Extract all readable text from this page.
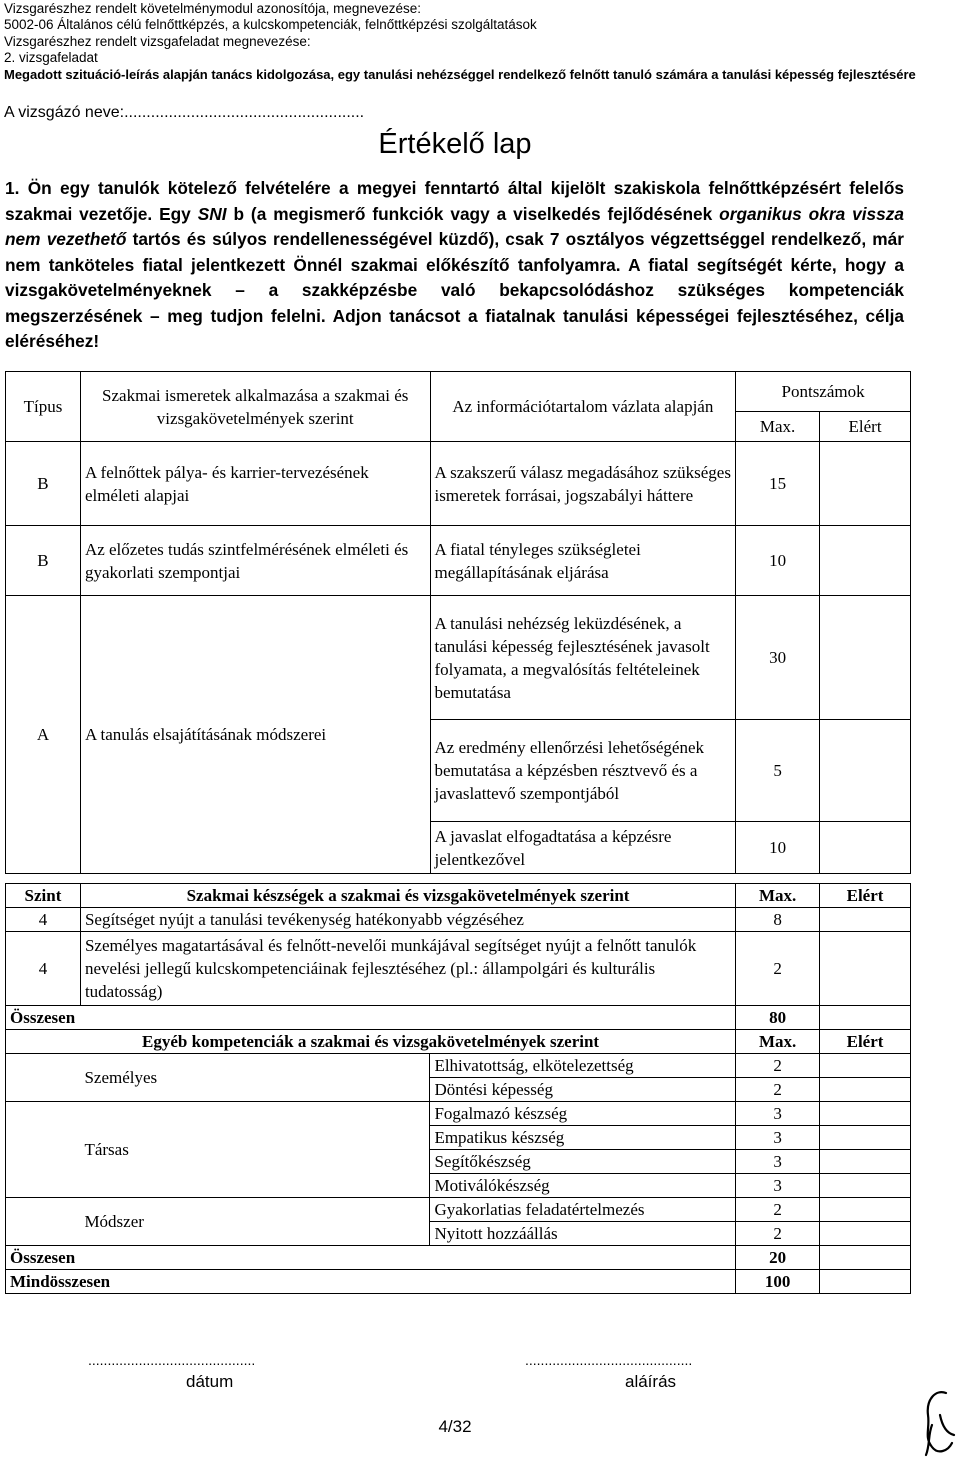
Vizsgarészhez rendelt követelménymodul azonosítója, megnevezése:
5002-06 Általános célú felnőttképzés, a kulcskompetenciák, felnőttképzési szolgáltatások
Vizsgarészhez rendelt vizsgafeladat megnevezése:
2. vizsgafeladat
Megadott szituáció-leírás alapján tanács kidolgozása, egy tanulási nehézséggel rendelkező felnőtt tanuló számára a tanulási képesség fejlesztésére
A vizsgázó neve:......................................................
Értékelő lap
1. Ön egy tanulók kötelező felvételére a megyei fenntartó által kijelölt szakiskola felnőttképzésért felelős szakmai vezetője. Egy SNI b (a megismerő funkciók vagy a viselkedés fejlődésének organikus okra vissza nem vezethető tartós és súlyos rendellenességével küzdő), csak 7 osztályos végzettséggel rendelkező, már nem tanköteles fiatal jelentkezett Önnél szakmai előkészítő tanfolyamra. A fiatal segítségét kérte, hogy a vizsgakövetelményeknek – a szakképzésbe való bekapcsolódáshoz szükséges kompetenciák megszerzésének – meg tudjon felelni. Adjon tanácsot a fiatalnak tanulási képességei fejlesztéséhez, célja eléréséhez!
Típus	Szakmai ismeretek alkalmazása a szakmai és vizsgakövetelmények szerint	Az információtartalom vázlata alapján	Pontszámok	
			Max.	Elért
B	A felnőttek pálya- és karrier-tervezésének elméleti alapjai	A szakszerű válasz megadásához szükséges ismeretek forrásai, jogszabályi háttere	15	
B	Az előzetes tudás szintfelmérésének elméleti és gyakorlati szempontjai	A fiatal tényleges szükségletei megállapításának eljárása	10	
A	A tanulás elsajátításának módszerei	A tanulási nehézség leküzdésének, a tanulási képesség fejlesztésének javasolt folyamata, a megvalósítás feltételeinek bemutatása	30	
		Az eredmény ellenőrzési lehetőségének bemutatása a képzésben résztvevő és a javaslattevő szempontjából	5	
		A javaslat elfogadtatása a képzésre jelentkezővel	10	
Szint	Szakmai készségek a szakmai és vizsgakövetelmények szerint		Max.	Elért
4	Segítséget nyújt a tanulási tevékenység hatékonyabb végzéséhez		8	
4	Személyes magatartásával és felnőtt-nevelői munkájával segítséget nyújt a felnőtt tanulók nevelési jellegű kulcskompetenciáinak fejlesztéséhez (pl.: állampolgári és kulturális tudatosság)		2	
Összesen			80	
Egyéb kompetenciák a szakmai és vizsgakövetelmények szerint			Max.	Elért
	Személyes	Elhivatottság, elkötelezettség	2	
		Döntési képesség	2	
	Társas	Fogalmazó készség	3	
		Empatikus készség	3	
		Segítőkészség	3	
		Motiválókészség	3	
	Módszer	Gyakorlatias feladatértelmezés	2	
		Nyitott hozzáállás	2	
Összesen			20	
Mindösszesen			100	
...........................................
dátum
...........................................
aláírás
4/32
